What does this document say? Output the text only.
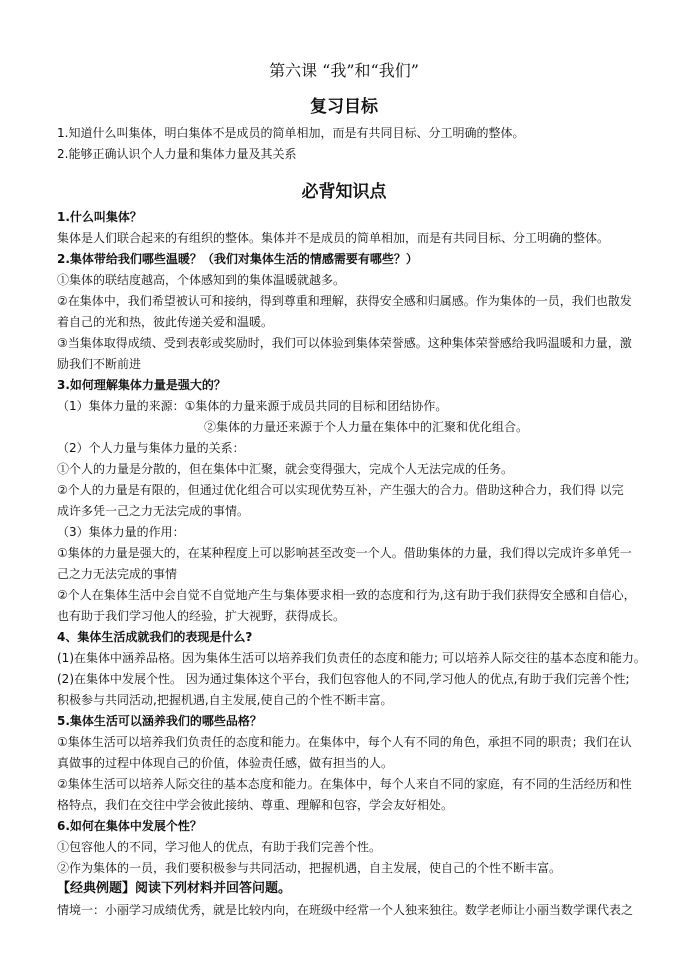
第六课 “我”和“我们”
复习目标
1.知道什么叫集体，明白集体不是成员的简单相加，而是有共同目标、分工明确的整体。
2.能够正确认识个人力量和集体力量及其关系
必背知识点
1.什么叫集体？
集体是人们联合起来的有组织的整体。集体并不是成员的简单相加，而是有共同目标、分工明确的整体。
2.集体带给我们哪些温暖？（我们对集体生活的情感需要有哪些？）
①集体的联结度越高，个体感知到的集体温暖就越多。
②在集体中，我们希望被认可和接纳，得到尊重和理解，获得安全感和归属感。作为集体的一员，我们也散发
着自己的光和热，彼此传递关爱和温暖。
③当集体取得成绩、受到表彰或奖励时，我们可以体验到集体荣誉感。这种集体荣誉感给我吗温暖和力量，激
励我们不断前进
3.如何理解集体力量是强大的？
（1）集体力量的来源：①集体的力量来源于成员共同的目标和团结协作。
②集体的力量还来源于个人力量在集体中的汇聚和优化组合。
（2）个人力量与集体力量的关系：
①个人的力量是分散的，但在集体中汇聚，就会变得强大，完成个人无法完成的任务。
②个人的力量是有限的，但通过优化组合可以实现优势互补，产生强大的合力。借助这种合力，我们得 以完
成许多凭一己之力无法完成的事情。
（3）集体力量的作用：
①集体的力量是强大的，在某种程度上可以影响甚至改变一个人。借助集体的力量，我们得以完成许多单凭一
己之力无法完成的事情
②个人在集体生活中会自觉不自觉地产生与集体要求相一致的态度和行为,这有助于我们获得安全感和自信心，
也有助于我们学习他人的经验，扩大视野，获得成长。
4、集体生活成就我们的表现是什么?
(1)在集体中涵养品格。因为集体生活可以培养我们负责任的态度和能力; 可以培养人际交往的基本态度和能力。
(2)在集体中发展个性。 因为通过集体这个平台，我们包容他人的不同,学习他人的优点,有助于我们完善个性;
积极参与共同活动,把握机遇,自主发展,使自己的个性不断丰富。
5.集体生活可以涵养我们的哪些品格？
①集体生活可以培养我们负责任的态度和能力。在集体中，每个人有不同的角色，承担不同的职责；我们在认
真做事的过程中体现自己的价值，体验责任感，做有担当的人。
②集体生活可以培养人际交往的基本态度和能力。在集体中，每个人来自不同的家庭，有不同的生活经历和性
格特点，我们在交往中学会彼此接纳、尊重、理解和包容，学会友好相处。
6.如何在集体中发展个性？
①包容他人的不同，学习他人的优点，有助于我们完善个性。
②作为集体的一员，我们要积极参与共同活动，把握机遇，自主发展，使自己的个性不断丰富。
【经典例题】阅读下列材料并回答问题。
情境一：小丽学习成绩优秀，就是比较内向，在班级中经常一个人独来独往。数学老师让小丽当数学课代表之
